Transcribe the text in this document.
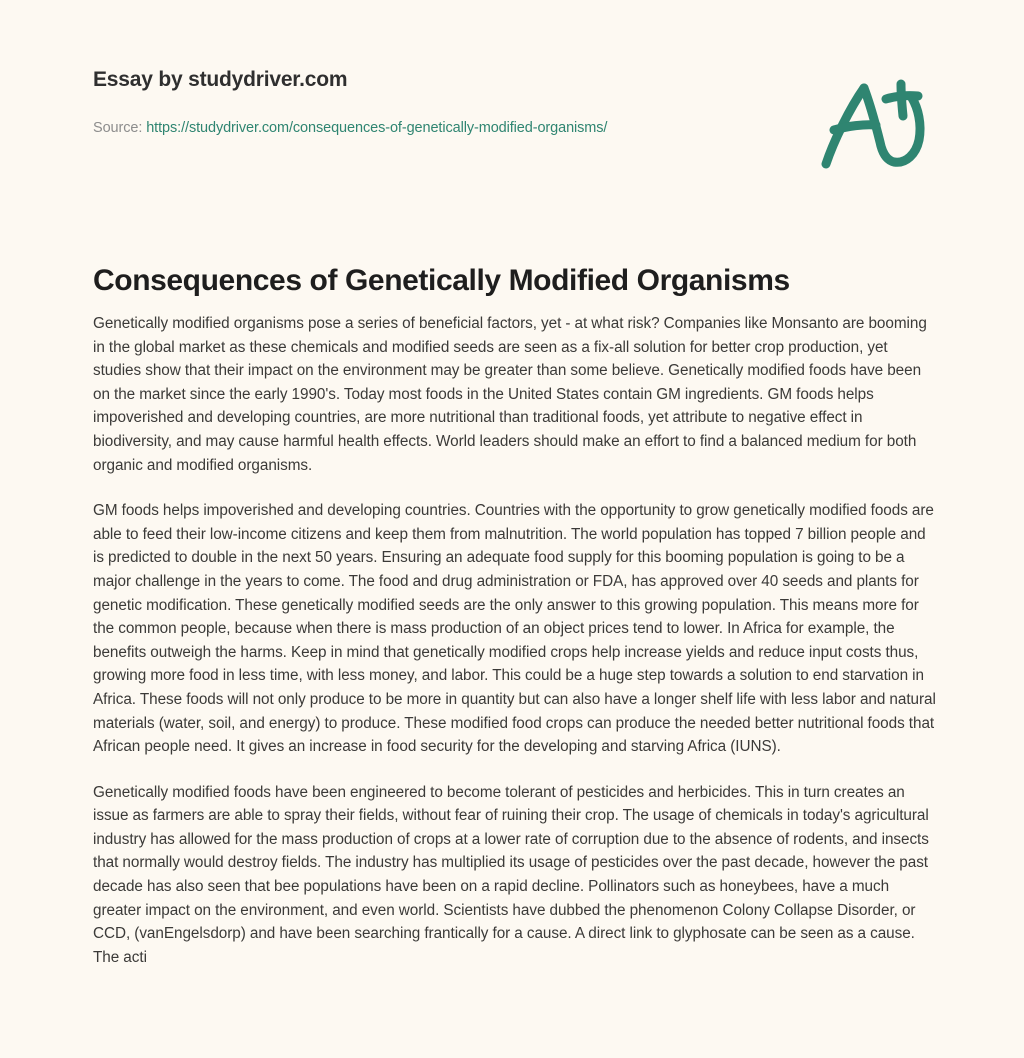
Essay by studydriver.com
Source: https://studydriver.com/consequences-of-genetically-modified-organisms/
Consequences of Genetically Modified Organisms

Genetically modified organisms pose a series of beneficial factors, yet - at what risk? Companies like Monsanto are booming in the global market as these chemicals and modified seeds are seen as a fix-all solution for better crop production, yet studies show that their impact on the environment may be greater than some believe. Genetically modified foods have been on the market since the early 1990's. Today most foods in the United States contain GM ingredients. GM foods helps impoverished and developing countries, are more nutritional than traditional foods, yet attribute to negative effect in biodiversity, and may cause harmful health effects. World leaders should make an effort to find a balanced medium for both organic and modified organisms.

GM foods helps impoverished and developing countries. Countries with the opportunity to grow genetically modified foods are able to feed their low-income citizens and keep them from malnutrition. The world population has topped 7 billion people and is predicted to double in the next 50 years. Ensuring an adequate food supply for this booming population is going to be a major challenge in the years to come. The food and drug administration or FDA, has approved over 40 seeds and plants for genetic modification. These genetically modified seeds are the only answer to this growing population. This means more for the common people, because when there is mass production of an object prices tend to lower. In Africa for example, the benefits outweigh the harms. Keep in mind that genetically modified crops help increase yields and reduce input costs thus, growing more food in less time, with less money, and labor. This could be a huge step towards a solution to end starvation in Africa. These foods will not only produce to be more in quantity but can also have a longer shelf life with less labor and natural materials (water, soil, and energy) to produce. These modified food crops can produce the needed better nutritional foods that African people need. It gives an increase in food security for the developing and starving Africa (IUNS).

Genetically modified foods have been engineered to become tolerant of pesticides and herbicides. This in turn creates an issue as farmers are able to spray their fields, without fear of ruining their crop. The usage of chemicals in today's agricultural industry has allowed for the mass production of crops at a lower rate of corruption due to the absence of rodents, and insects that normally would destroy fields. The industry has multiplied its usage of pesticides over the past decade, however the past decade has also seen that bee populations have been on a rapid decline. Pollinators such as honeybees, have a much greater impact on the environment, and even world. Scientists have dubbed the phenomenon Colony Collapse Disorder, or CCD, (vanEngelsdorp) and have been searching frantically for a cause. A direct link to glyphosate can be seen as a cause. The acti
